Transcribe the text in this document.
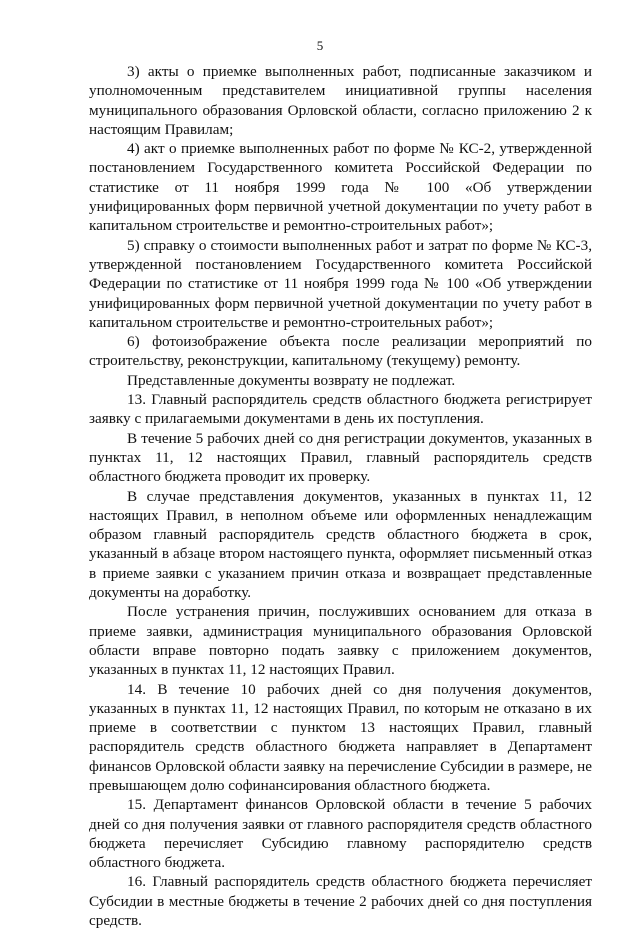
5

3) акты о приемке выполненных работ, подписанные заказчиком и уполномоченным представителем инициативной группы населения муниципального образования Орловской области, согласно приложению 2 к настоящим Правилам;

4) акт о приемке выполненных работ по форме № КС-2, утвержденной постановлением Государственного комитета Российской Федерации по статистике от 11 ноября 1999 года № 100 «Об утверждении унифицированных форм первичной учетной документации по учету работ в капитальном строительстве и ремонтно-строительных работ»;

5) справку о стоимости выполненных работ и затрат по форме № КС-3, утвержденной постановлением Государственного комитета Российской Федерации по статистике от 11 ноября 1999 года № 100 «Об утверждении унифицированных форм первичной учетной документации по учету работ в капитальном строительстве и ремонтно-строительных работ»;

6) фотоизображение объекта после реализации мероприятий по строительству, реконструкции, капитальному (текущему) ремонту.

Представленные документы возврату не подлежат.

13. Главный распорядитель средств областного бюджета регистрирует заявку с прилагаемыми документами в день их поступления.

В течение 5 рабочих дней со дня регистрации документов, указанных в пунктах 11, 12 настоящих Правил, главный распорядитель средств областного бюджета проводит их проверку.

В случае представления документов, указанных в пунктах 11, 12 настоящих Правил, в неполном объеме или оформленных ненадлежащим образом главный распорядитель средств областного бюджета в срок, указанный в абзаце втором настоящего пункта, оформляет письменный отказ в приеме заявки с указанием причин отказа и возвращает представленные документы на доработку.

После устранения причин, послуживших основанием для отказа в приеме заявки, администрация муниципального образования Орловской области вправе повторно подать заявку с приложением документов, указанных в пунктах 11, 12 настоящих Правил.

14. В течение 10 рабочих дней со дня получения документов, указанных в пунктах 11, 12 настоящих Правил, по которым не отказано в их приеме в соответствии с пунктом 13 настоящих Правил, главный распорядитель средств областного бюджета направляет в Департамент финансов Орловской области заявку на перечисление Субсидии в размере, не превышающем долю софинансирования областного бюджета.

15. Департамент финансов Орловской области в течение 5 рабочих дней со дня получения заявки от главного распорядителя средств областного бюджета перечисляет Субсидию главному распорядителю средств областного бюджета.

16. Главный распорядитель средств областного бюджета перечисляет Субсидии в местные бюджеты в течение 2 рабочих дней со дня поступления средств.
